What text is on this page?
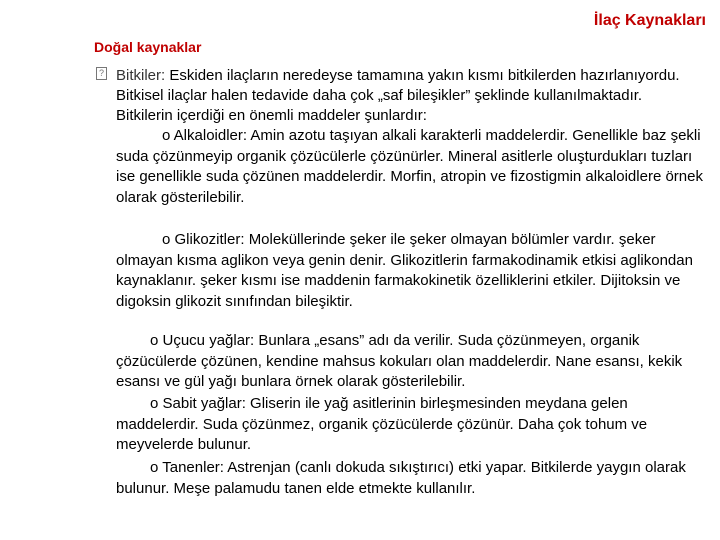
İlaç Kaynakları
Doğal kaynaklar
? Bitkiler: Eskiden ilaçların neredeyse tamamına yakın kısmı bitkilerden hazırlanıyordu. Bitkisel ilaçlar halen tedavide daha çok „saf bileşikler” şeklinde kullanılmaktadır. Bitkilerin içerdiği en önemli maddeler şunlardır:
o Alkaloidler: Amin azotu taşıyan alkali karakterli maddelerdir. Genellikle baz şekli suda çözünmeyip organik çözücülerle çözünürler. Mineral asitlerle oluşturdukları tuzları ise genellikle suda çözünen maddelerdir. Morfin, atropin ve fizostigmin alkaloidlere örnek olarak gösterilebilir.
o Glikozitler: Moleküllerinde şeker ile şeker olmayan bölümler vardır. şeker olmayan kısma aglikon veya genin denir. Glikozitlerin farmakodinamik etkisi aglikondan kaynaklanır. şeker kısmı ise maddenin farmakokinetik özelliklerini etkiler. Dijitoksin ve digoksin glikozit sınıfından bileşiktir.
o Uçucu yağlar: Bunlara „esans” adı da verilir. Suda çözünmeyen, organik çözücülerde çözünen, kendine mahsus kokuları olan maddelerdir. Nane esansı, kekik esansı ve gül yağı bunlara örnek olarak gösterilebilir.
o Sabit yağlar: Gliserin ile yağ asitlerinin birleşmesinden meydana gelen maddelerdir. Suda çözünmez, organik çözücülerde çözünür. Daha çok tohum ve meyvelerde bulunur.
o Tanenler: Astrenjan (canlı dokuda sıkıştırıcı) etki yapar. Bitkilerde yaygın olarak bulunur. Meşe palamudu tanen elde etmekte kullanılır.
